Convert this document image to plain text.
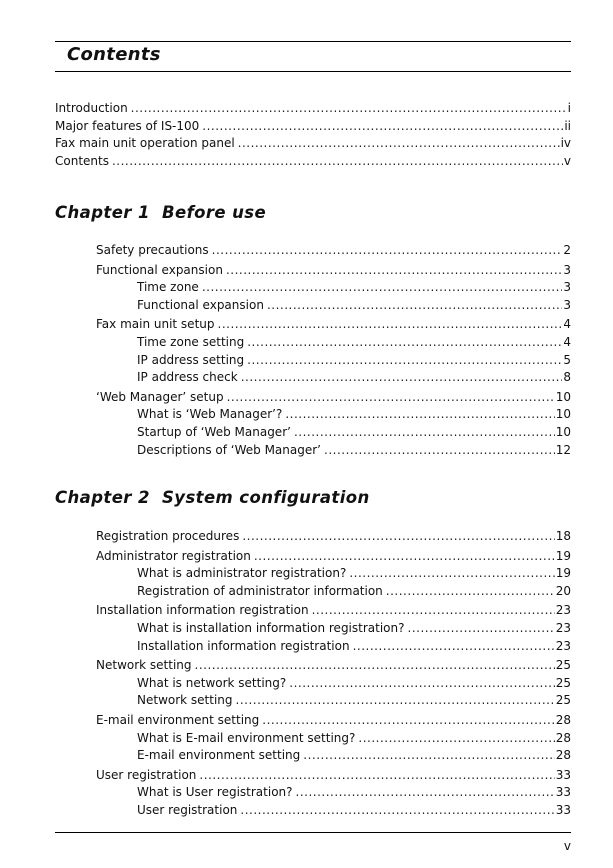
Contents
Introduction .....	i
Major features of IS-100 .....	ii
Fax main unit operation panel .....	iv
Contents .....	v
Chapter 1 Before use
Safety precautions .....	2
Functional expansion .....	3
Time zone .....	3
Functional expansion .....	3
Fax main unit setup .....	4
Time zone setting .....	4
IP address setting .....	5
IP address check .....	8
‘Web Manager’ setup .....	10
What is ‘Web Manager’? .....	10
Startup of ‘Web Manager’ .....	10
Descriptions of ‘Web Manager’ .....	12
Chapter 2 System configuration
Registration procedures .....	18
Administrator registration .....	19
What is administrator registration? .....	19
Registration of administrator information .....	20
Installation information registration .....	23
What is installation information registration? .....	23
Installation information registration .....	23
Network setting .....	25
What is network setting? .....	25
Network setting .....	25
E-mail environment setting .....	28
What is E-mail environment setting? .....	28
E-mail environment setting .....	28
User registration .....	33
What is User registration? .....	33
User registration .....	33
v
